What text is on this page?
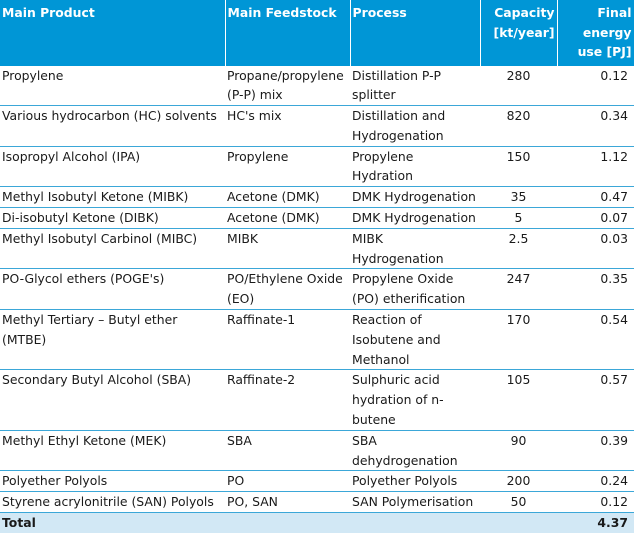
Main Product	Main Feedstock	Process	Capacity [kt/year]	Final energy use [PJ]
Propylene	Propane/propylene (P-P) mix	Distillation P-P splitter	280	0.12
Various hydrocarbon (HC) solvents	HC's mix	Distillation and Hydrogenation	820	0.34
Isopropyl Alcohol (IPA)	Propylene	Propylene Hydration	150	1.12
Methyl Isobutyl Ketone (MIBK)	Acetone (DMK)	DMK Hydrogenation	35	0.47
Di-isobutyl Ketone (DIBK)	Acetone (DMK)	DMK Hydrogenation	5	0.07
Methyl Isobutyl Carbinol (MIBC)	MIBK	MIBK Hydrogenation	2.5	0.03
PO-Glycol ethers (POGE's)	PO/Ethylene Oxide (EO)	Propylene Oxide (PO) etherification	247	0.35
Methyl Tertiary – Butyl ether (MTBE)	Raffinate-1	Reaction of Isobutene and Methanol	170	0.54
Secondary Butyl Alcohol (SBA)	Raffinate-2	Sulphuric acid hydration of n-butene	105	0.57
Methyl Ethyl Ketone (MEK)	SBA	SBA dehydrogenation	90	0.39
Polyether Polyols	PO	Polyether Polyols	200	0.24
Styrene acrylonitrile (SAN) Polyols	PO, SAN	SAN Polymerisation	50	0.12
Total				4.37
